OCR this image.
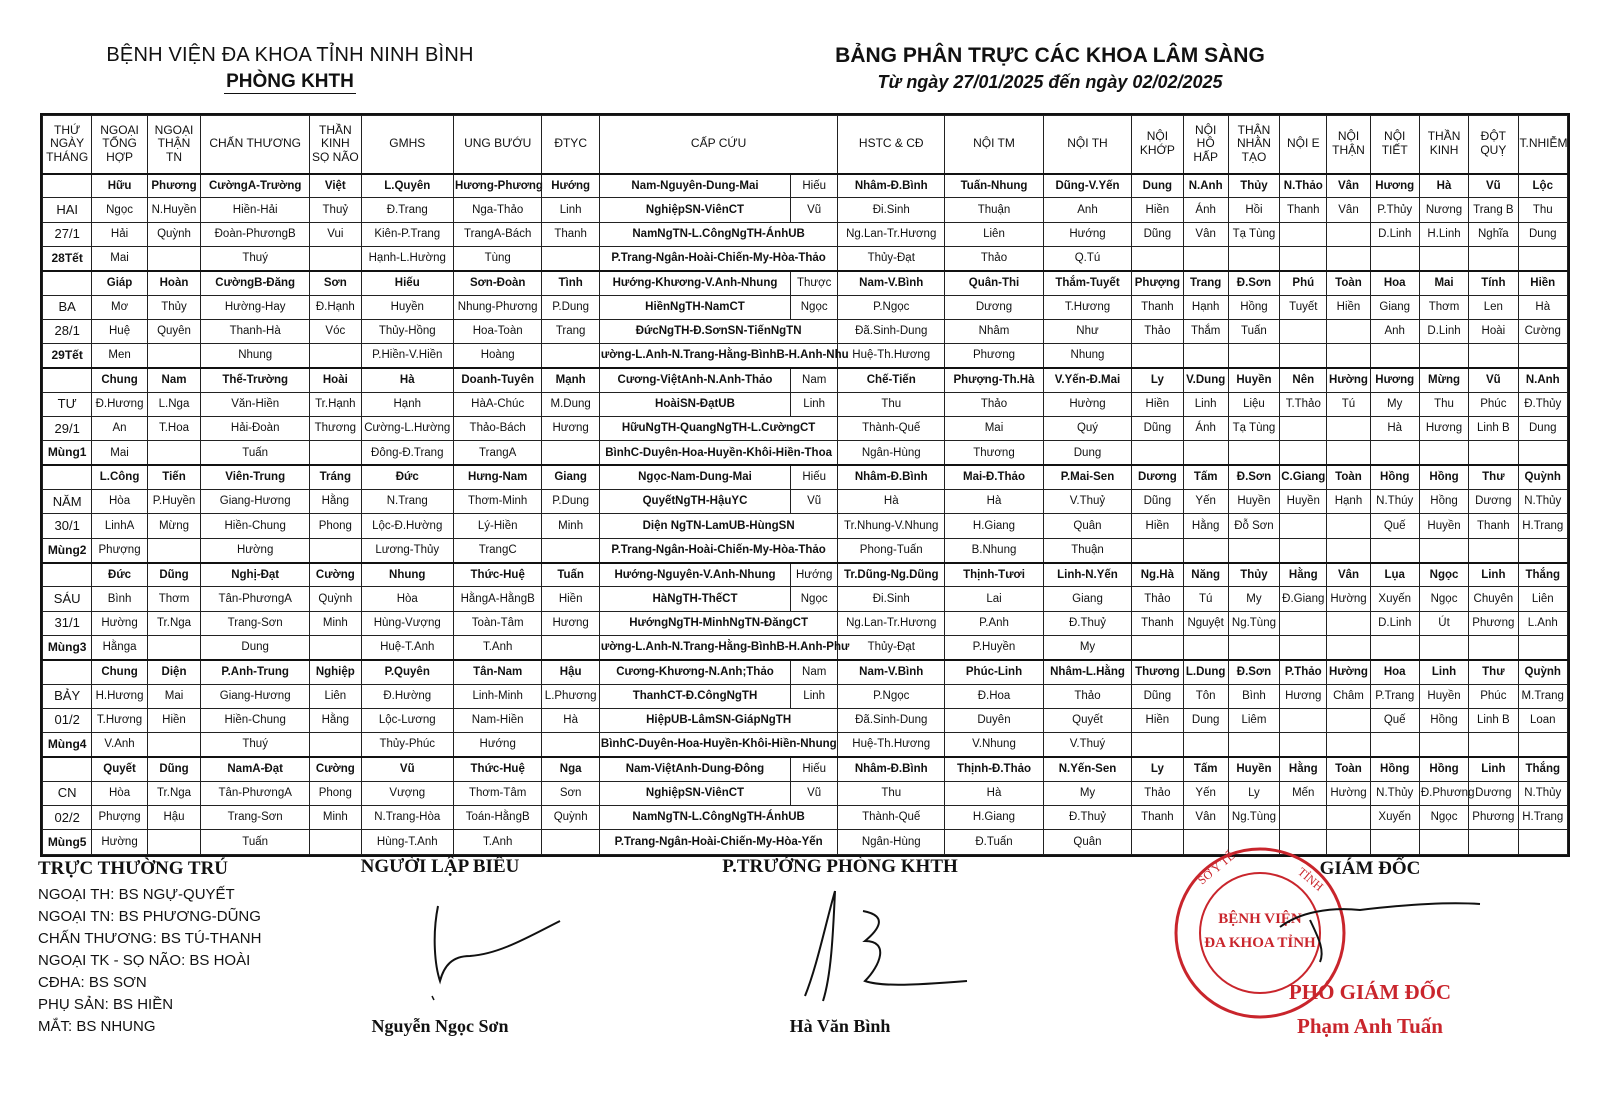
BỆNH VIỆN ĐA KHOA TỈNH NINH BÌNH
PHÒNG KHTH
BẢNG PHÂN TRỰC CÁC KHOA LÂM SÀNG
Từ ngày 27/01/2025 đến ngày 02/02/2025
THỨ NGÀY THÁNG	NGOẠI TỔNG HỢP	NGOẠI THẬN TN	CHẤN THƯƠNG	THẦN KINH SỌ NÃO	GMHS	UNG BƯỚU	ĐTYC	CẤP CỨU		HSTC & CĐ	NỘI TM	NỘI TH	NỘI KHỚP	NỘI HÔ HẤP	THẬN NHÂN TẠO	NỘI E	NỘI THẬN	NỘI TIẾT	THẦN KINH	ĐỘT QUỴ	T.NHIỄM
	Hữu	Phương	CườngA-Trường	Việt	L.Quyên	Hương-Phương	Hướng	Nam-Nguyên-Dung-Mai	Hiếu	Nhâm-Đ.Bình	Tuấn-Nhung	Dũng-V.Yến	Dung	N.Anh	Thủy	N.Thảo	Vân	Hương	Hà	Vũ	Lộc
HAI	Ngọc	N.Huyền	Hiền-Hải	Thuỷ	Đ.Trang	Nga-Thảo	Linh	NghiệpSN-ViênCT	Vũ	Đi.Sinh	Thuận	Anh	Hiền	Ánh	Hồi	Thanh	Vân	P.Thủy	Nương	Trang B	Thu
27/1	Hải	Quỳnh	Đoàn-PhươngB	Vui	Kiên-P.Trang	TrangA-Bách	Thanh	NamNgTN-L.CôngNgTH-ÁnhUB		Ng.Lan-Tr.Hương	Liên	Hướng	Dũng	Vân	Tạ Tùng			D.Linh	H.Linh	Nghĩa	Dung
28Tết	Mai		Thuý		Hạnh-L.Hường	Tùng		P.Trang-Ngân-Hoài-Chiến-My-Hòa-Thảo		Thủy-Đạt	Thảo	Q.Tú									
	Giáp	Hoàn	CườngB-Đăng	Sơn	Hiếu	Sơn-Đoàn	Tình	Hướng-Khương-V.Anh-Nhung	Thược	Nam-V.Bình	Quân-Thi	Thắm-Tuyết	Phượng	Trang	Đ.Sơn	Phú	Toàn	Hoa	Mai	Tính	Hiền
BA	Mơ	Thủy	Hường-Hay	Đ.Hạnh	Huyền	Nhung-Phương	P.Dung	HiềnNgTH-NamCT	Ngọc	P.Ngọc	Dương	T.Hương	Thanh	Hạnh	Hồng	Tuyết	Hiền	Giang	Thơm	Len	Hà
28/1	Huệ	Quyên	Thanh-Hà	Vóc	Thủy-Hồng	Hoa-Toàn	Trang	ĐứcNgTH-Đ.SơnSN-TiếnNgTN		Đã.Sinh-Dung	Nhâm	Như	Thảo	Thắm	Tuấn			Anh	D.Linh	Hoài	Cường
29Tết	Men		Nhung		P.Hiền-V.Hiền	Hoàng		ường-L.Anh-N.Trang-Hằng-BìnhB-H.Anh-Nhu		Huệ-Th.Hương	Phương	Nhung									
	Chung	Nam	Thế-Trường	Hoài	Hà	Doanh-Tuyên	Mạnh	Cương-ViệtAnh-N.Anh-Thảo	Nam	Chế-Tiến	Phượng-Th.Hà	V.Yến-Đ.Mai	Ly	V.Dung	Huyền	Nên	Hường	Hương	Mừng	Vũ	N.Anh
TƯ	Đ.Hương	L.Nga	Văn-Hiền	Tr.Hạnh	Hạnh	HàA-Chúc	M.Dung	HoàiSN-ĐạtUB	Linh	Thu	Thảo	Hường	Hiền	Linh	Liệu	T.Thảo	Tú	My	Thu	Phúc	Đ.Thủy
29/1	An	T.Hoa	Hải-Đoàn	Thương	Cường-L.Hường	Thảo-Bách	Hương	HữuNgTH-QuangNgTH-L.CườngCT		Thành-Quế	Mai	Quý	Dũng	Ánh	Tạ Tùng			Hà	Hương	Linh B	Dung
Mùng1	Mai		Tuấn		Đông-Đ.Trang	TrangA		BìnhC-Duyên-Hoa-Huyền-Khôi-Hiền-Thoa		Ngân-Hùng	Thương	Dung									
	L.Công	Tiến	Viên-Trung	Tráng	Đức	Hưng-Nam	Giang	Ngọc-Nam-Dung-Mai	Hiếu	Nhâm-Đ.Bình	Mai-Đ.Thảo	P.Mai-Sen	Dương	Tấm	Đ.Sơn	C.Giang	Toàn	Hồng	Hồng	Thư	Quỳnh
NĂM	Hòa	P.Huyền	Giang-Hương	Hằng	N.Trang	Thơm-Minh	P.Dung	QuyếtNgTH-HậuYC	Vũ	Hà	Hà	V.Thuỷ	Dũng	Yến	Huyền	Huyền	Hạnh	N.Thúy	Hồng	Dương	N.Thủy
30/1	LinhA	Mừng	Hiền-Chung	Phong	Lộc-Đ.Hường	Lý-Hiền	Minh	Diện NgTN-LamUB-HùngSN		Tr.Nhung-V.Nhung	H.Giang	Quân	Hiền	Hằng	Đỗ Sơn			Quế	Huyền	Thanh	H.Trang
Mùng2	Phượng		Hường		Lương-Thủy	TrangC		P.Trang-Ngân-Hoài-Chiến-My-Hòa-Thảo		Phong-Tuấn	B.Nhung	Thuận									
	Đức	Dũng	Nghị-Đạt	Cường	Nhung	Thức-Huệ	Tuấn	Hướng-Nguyên-V.Anh-Nhung	Hướng	Tr.Dũng-Ng.Dũng	Thịnh-Tươi	Linh-N.Yến	Ng.Hà	Năng	Thủy	Hằng	Vân	Lụa	Ngọc	Linh	Thắng
SÁU	Bình	Thơm	Tân-PhươngA	Quỳnh	Hòa	HằngA-HằngB	Hiền	HàNgTH-ThếCT	Ngọc	Đi.Sinh	Lai	Giang	Thảo	Tú	My	Đ.Giang	Hường	Xuyến	Ngọc	Chuyên	Liên
31/1	Hường	Tr.Nga	Trang-Sơn	Minh	Hùng-Vượng	Toàn-Tâm	Hương	HướngNgTH-MinhNgTN-ĐăngCT		Ng.Lan-Tr.Hương	P.Anh	Đ.Thuỷ	Thanh	Nguyệt	Ng.Tùng			D.Linh	Út	Phương	L.Anh
Mùng3	Hằnga		Dung		Huệ-T.Anh	T.Anh		ường-L.Anh-N.Trang-Hằng-BìnhB-H.Anh-Phư		Thủy-Đạt	P.Huyền	My									
	Chung	Diện	P.Anh-Trung	Nghiệp	P.Quyên	Tân-Nam	Hậu	Cương-Khương-N.Anh;Thảo	Nam	Nam-V.Bình	Phúc-Linh	Nhâm-L.Hằng	Thương	L.Dung	Đ.Sơn	P.Thảo	Hường	Hoa	Linh	Thư	Quỳnh
BẢY	H.Hương	Mai	Giang-Hương	Liên	Đ.Hường	Linh-Minh	L.Phương	ThanhCT-Đ.CôngNgTH	Linh	P.Ngọc	Đ.Hoa	Thảo	Dũng	Tôn	Bình	Hương	Châm	P.Trang	Huyền	Phúc	M.Trang
01/2	T.Hương	Hiền	Hiền-Chung	Hằng	Lộc-Lương	Nam-Hiền	Hà	HiệpUB-LâmSN-GiápNgTH		Đã.Sinh-Dung	Duyên	Quyết	Hiền	Dung	Liêm			Quế	Hồng	Linh B	Loan
Mùng4	V.Anh		Thuý		Thủy-Phúc	Hướng		BìnhC-Duyên-Hoa-Huyền-Khôi-Hiền-Nhung		Huệ-Th.Hương	V.Nhung	V.Thuý									
	Quyết	Dũng	NamA-Đạt	Cường	Vũ	Thức-Huệ	Nga	Nam-ViệtAnh-Dung-Đông	Hiếu	Nhâm-Đ.Bình	Thịnh-Đ.Thảo	N.Yến-Sen	Ly	Tấm	Huyền	Hằng	Toàn	Hồng	Hồng	Linh	Thắng
CN	Hòa	Tr.Nga	Tân-PhươngA	Phong	Vượng	Thơm-Tâm	Sơn	NghiệpSN-ViênCT	Vũ	Thu	Hà	My	Thảo	Yến	Ly	Mến	Hường	N.Thủy	Đ.Phương	Dương	N.Thủy
02/2	Phượng	Hậu	Trang-Sơn	Minh	N.Trang-Hòa	Toán-HằngB	Quỳnh	NamNgTN-L.CôngNgTH-ÁnhUB		Thành-Quế	H.Giang	Đ.Thuỷ	Thanh	Vân	Ng.Tùng			Xuyến	Ngọc	Phương	H.Trang
Mùng5	Hường		Tuấn		Hùng-T.Anh	T.Anh		P.Trang-Ngân-Hoài-Chiến-My-Hòa-Yến		Ngân-Hùng	Đ.Tuấn	Quân									
TRỰC THƯỜNG TRÚ
NGOẠI TH: BS NGỰ-QUYẾT
NGOẠI TN: BS PHƯƠNG-DŨNG
CHẤN THƯƠNG: BS TÚ-THANH
NGOẠI TK - SỌ NÃO: BS HOÀI
CĐHA: BS SƠN
PHỤ SẢN: BS HIỀN
MẮT: BS NHUNG
NGƯỜI LẬP BIỂU
Nguyễn Ngọc Sơn
P.TRƯỞNG PHÒNG KHTH
Hà Văn Bình
BỆNH VIỆN
ĐA KHOA TỈNH
SỞ Y TẾ	TỈNH
GIÁM ĐỐC
PHÓ GIÁM ĐỐC
Phạm Anh Tuấn
